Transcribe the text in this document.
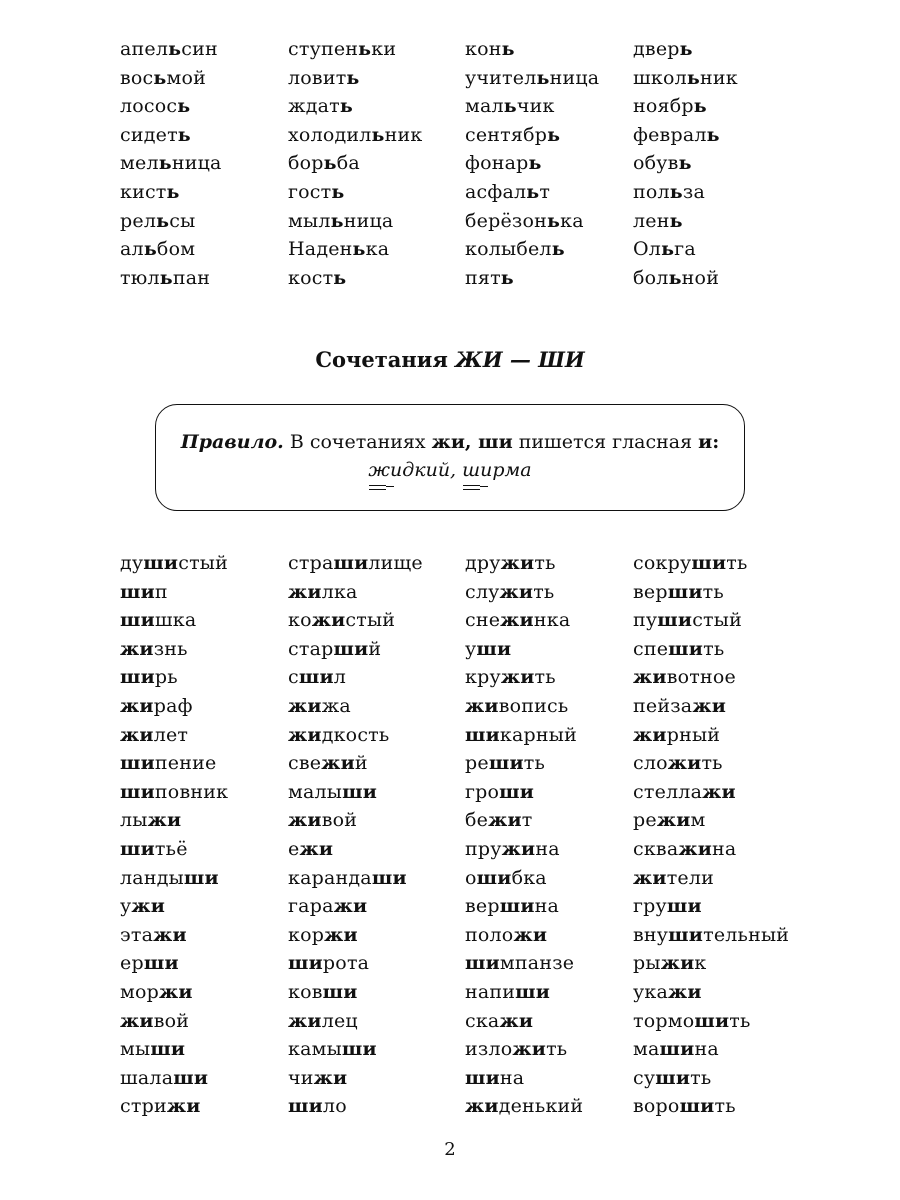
апельсин	ступеньки	конь	дверь
восьмой	ловить	учительница	школьник
лосось	ждать	мальчик	ноябрь
сидеть	холодильник	сентябрь	февраль
мельница	борьба	фонарь	обувь
кисть	гость	асфальт	польза
рельсы	мыльница	берёзонька	лень
альбом	Наденька	колыбель	Ольга
тюльпан	кость	пять	больной
Сочетания ЖИ — ШИ
Правило. В сочетаниях жи, ши пишется гласная и:
жи
дкий, ши
рма
душистый	страшилище	дружить	сокрушить
шип	жилка	служить	вершить
шишка	кожистый	снежинка	пушистый
жизнь	старший	уши	спешить
ширь	сшил	кружить	животное
жираф	жижа	живопись	пейзажи
жилет	жидкость	шикарный	жирный
шипение	свежий	решить	сложить
шиповник	малыши	гроши	стеллажи
лыжи	живой	бежит	режим
шитьё	ежи	пружина	скважина
ландыши	карандаши	ошибка	жители
ужи	гаражи	вершина	груши
этажи	коржи	положи	внушительный
ерши	широта	шимпанзе	рыжик
моржи	ковши	напиши	укажи
живой	жилец	скажи	тормошить
мыши	камыши	изложить	машина
шалаши	чижи	шина	сушить
стрижи	шило	жиденький	ворошить
2
